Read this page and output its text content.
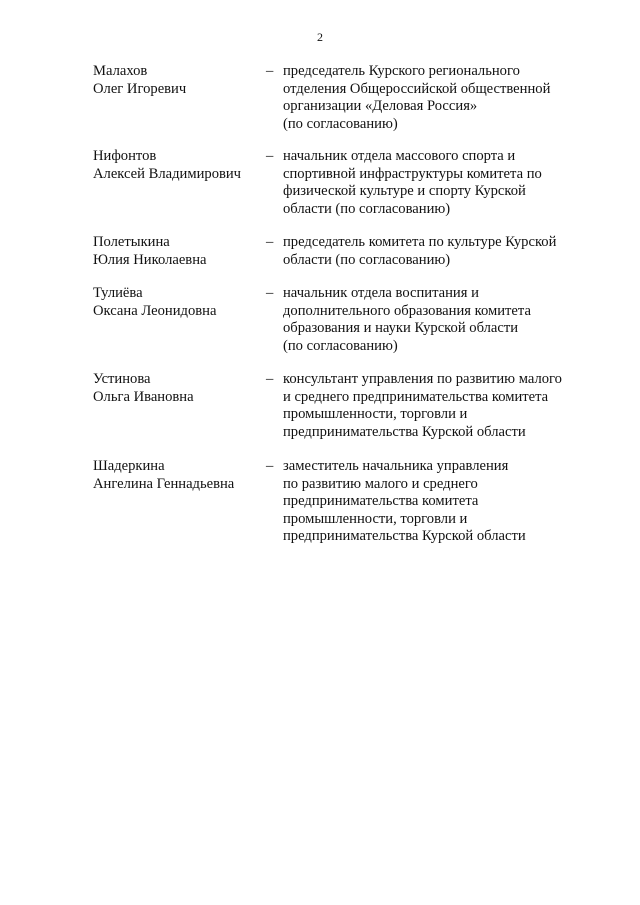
2
Малахов
Олег Игоревич
– председатель Курского регионального
отделения Общероссийской общественной
организации «Деловая Россия»
(по согласованию)
Нифонтов
Алексей Владимирович
– начальник отдела массового спорта и
спортивной инфраструктуры комитета по
физической культуре и спорту Курской
области (по согласованию)
Полетыкина
Юлия Николаевна
– председатель комитета по культуре Курской
области (по согласованию)
Тулиёва
Оксана Леонидовна
– начальник отдела воспитания и
дополнительного образования комитета
образования и науки Курской области
(по согласованию)
Устинова
Ольга Ивановна
– консультант управления по развитию малого
и среднего предпринимательства комитета
промышленности, торговли и
предпринимательства Курской области
Шадеркина
Ангелина Геннадьевна
– заместитель начальника управления
по развитию малого и среднего
предпринимательства комитета
промышленности, торговли и
предпринимательства Курской области
